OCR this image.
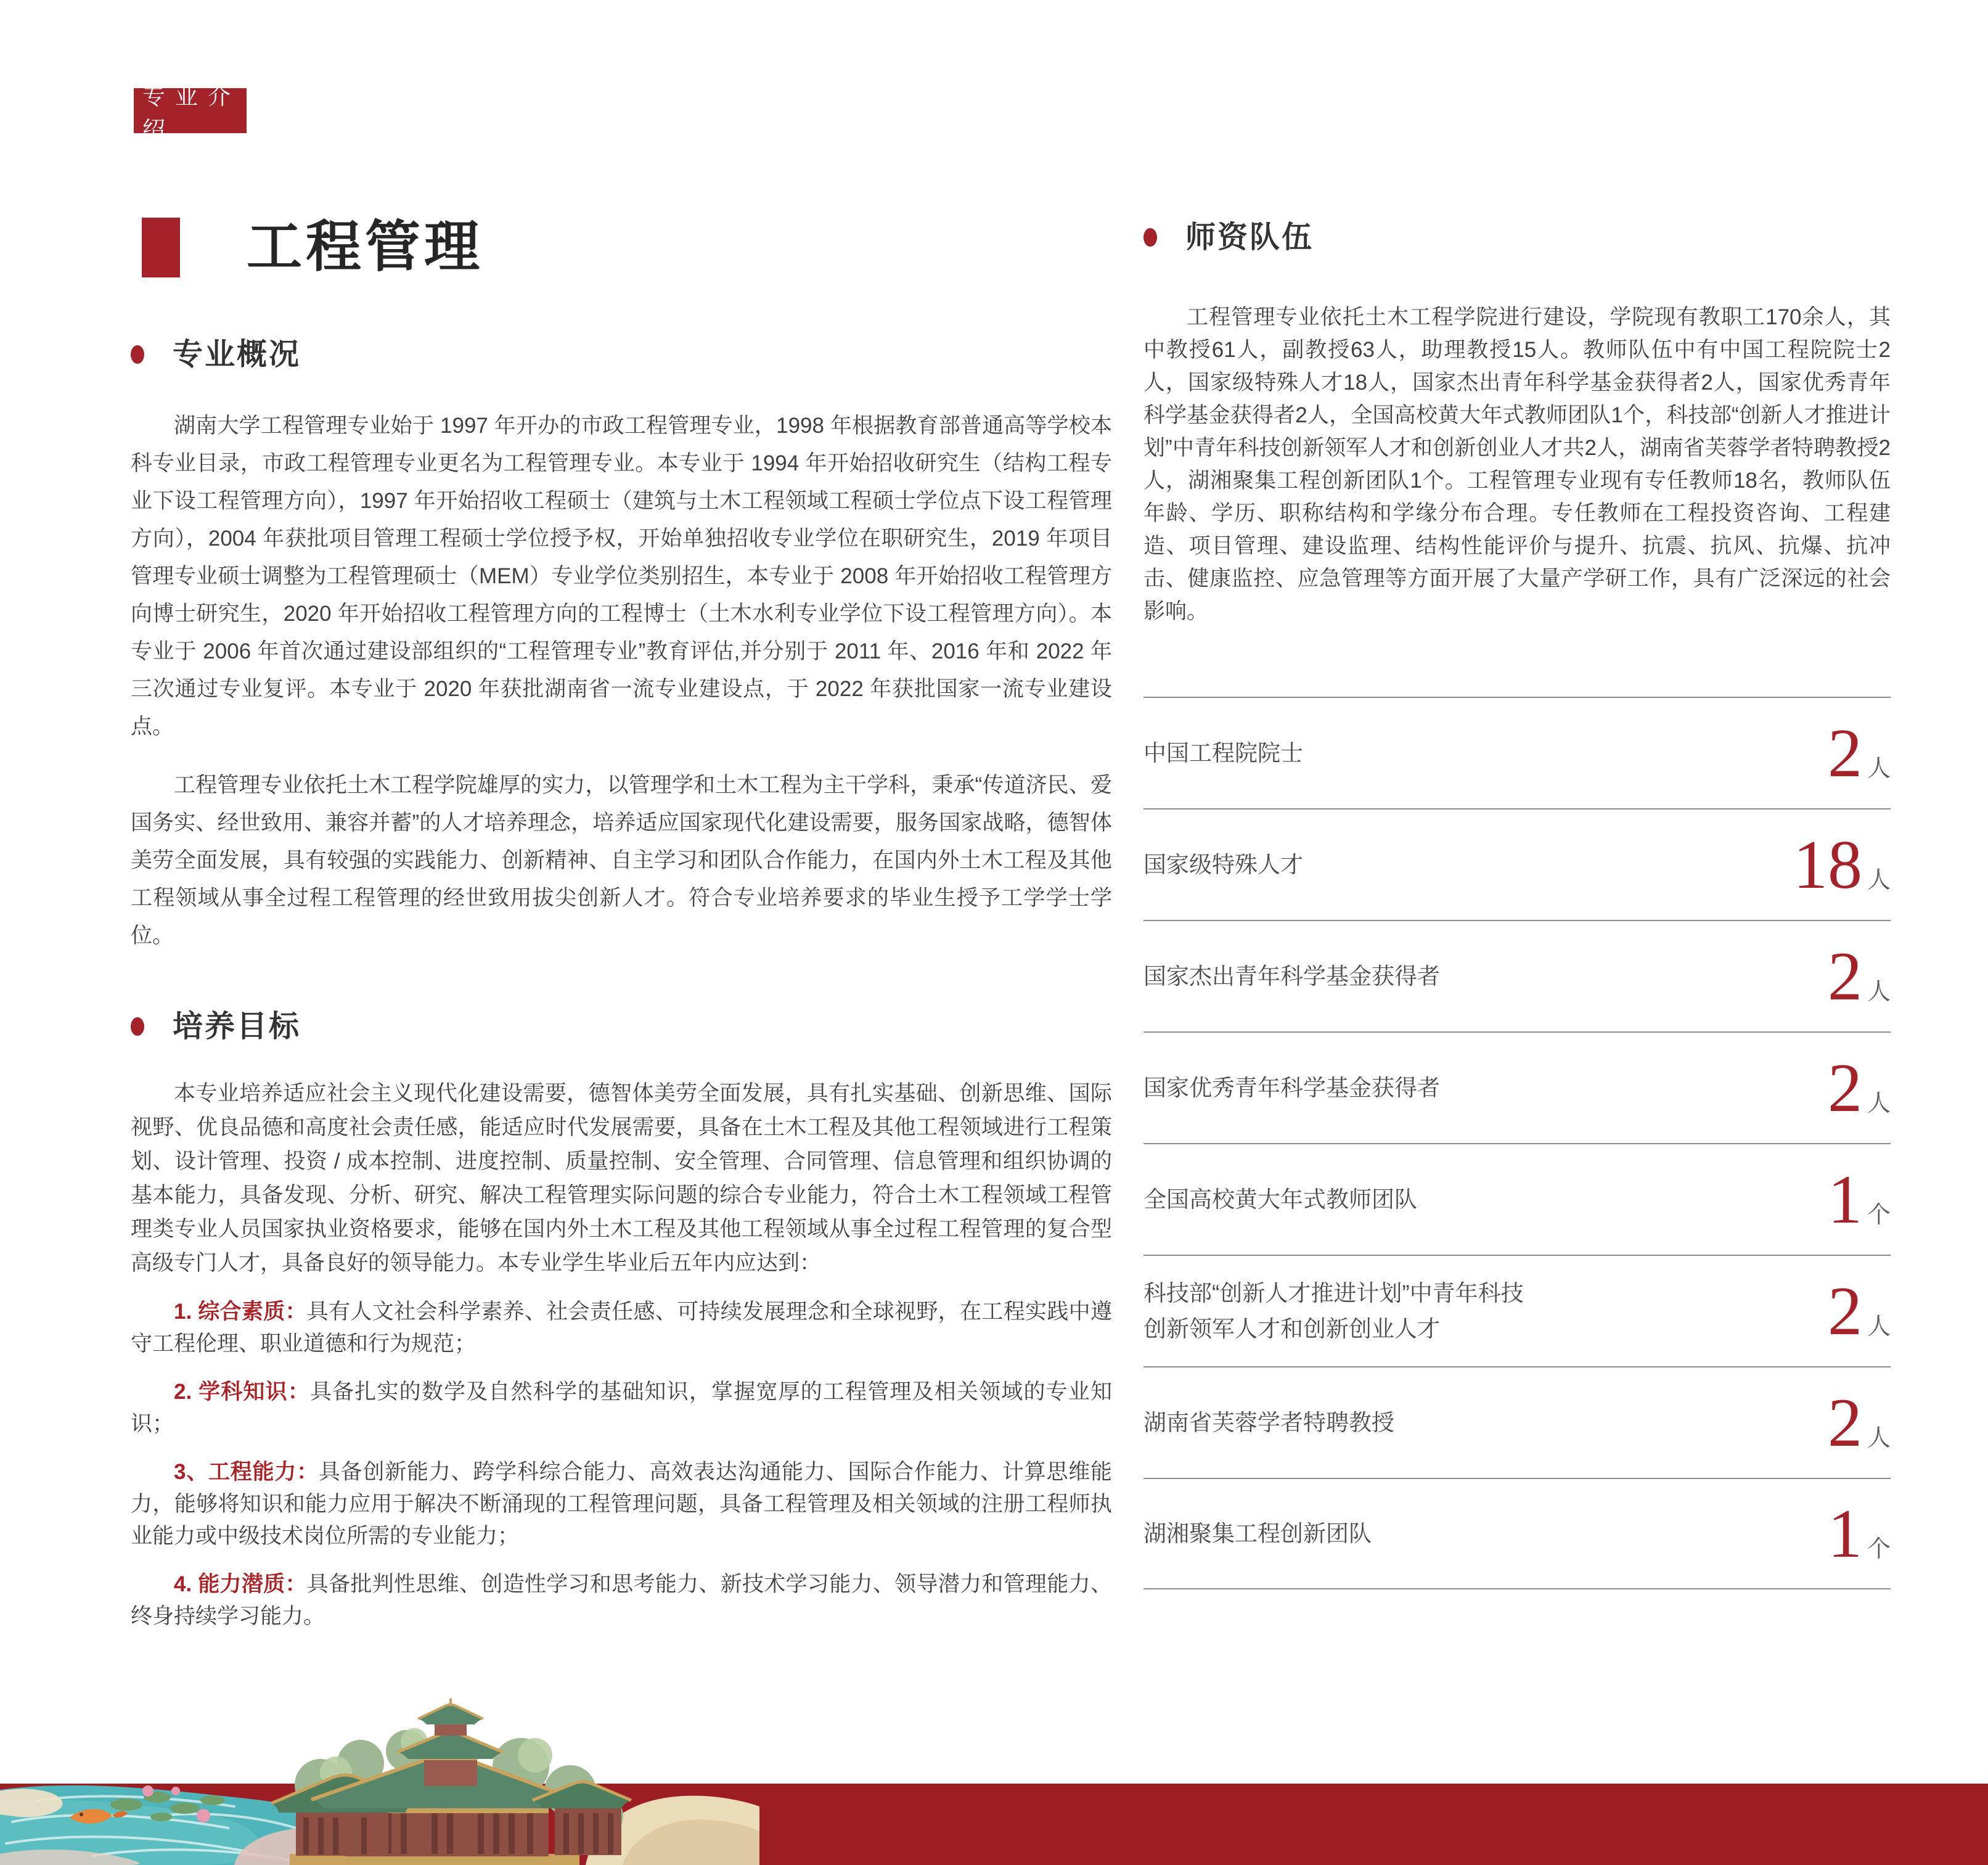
专业介绍
工程管理
专业概况

湖南大学工程管理专业始于 1997 年开办的市政工程管理专业，1998 年根据教育部普通高等学校本科专业目录，市政工程管理专业更名为工程管理专业。本专业于 1994 年开始招收研究生（结构工程专业下设工程管理方向），1997 年开始招收工程硕士（建筑与土木工程领域工程硕士学位点下设工程管理方向），2004 年获批项目管理工程硕士学位授予权，开始单独招收专业学位在职研究生，2019 年项目管理专业硕士调整为工程管理硕士（MEM）专业学位类别招生，本专业于 2008 年开始招收工程管理方向博士研究生，2020 年开始招收工程管理方向的工程博士（土木水利专业学位下设工程管理方向）。本专业于 2006 年首次通过建设部组织的“工程管理专业”教育评估,并分别于 2011 年、2016 年和 2022 年三次通过专业复评。本专业于 2020 年获批湖南省一流专业建设点，于 2022 年获批国家一流专业建设点。

工程管理专业依托土木工程学院雄厚的实力，以管理学和土木工程为主干学科，秉承“传道济民、爱国务实、经世致用、兼容并蓄”的人才培养理念，培养适应国家现代化建设需要，服务国家战略，德智体美劳全面发展，具有较强的实践能力、创新精神、自主学习和团队合作能力，在国内外土木工程及其他工程领域从事全过程工程管理的经世致用拔尖创新人才。符合专业培养要求的毕业生授予工学学士学位。

培养目标

本专业培养适应社会主义现代化建设需要，德智体美劳全面发展，具有扎实基础、创新思维、国际视野、优良品德和高度社会责任感，能适应时代发展需要，具备在土木工程及其他工程领域进行工程策划、设计管理、投资 / 成本控制、进度控制、质量控制、安全管理、合同管理、信息管理和组织协调的基本能力，具备发现、分析、研究、解决工程管理实际问题的综合专业能力，符合土木工程领域工程管理类专业人员国家执业资格要求，能够在国内外土木工程及其他工程领域从事全过程工程管理的复合型高级专门人才，具备良好的领导能力。本专业学生毕业后五年内应达到：

1. 综合素质：具有人文社会科学素养、社会责任感、可持续发展理念和全球视野，在工程实践中遵守工程伦理、职业道德和行为规范；

2. 学科知识：具备扎实的数学及自然科学的基础知识，掌握宽厚的工程管理及相关领域的专业知识；

3、工程能力：具备创新能力、跨学科综合能力、高效表达沟通能力、国际合作能力、计算思维能力，能够将知识和能力应用于解决不断涌现的工程管理问题，具备工程管理及相关领域的注册工程师执业能力或中级技术岗位所需的专业能力；

4. 能力潜质：具备批判性思维、创造性学习和思考能力、新技术学习能力、领导潜力和管理能力、终身持续学习能力。

师资队伍

工程管理专业依托土木工程学院进行建设，学院现有教职工170余人，其中教授61人，副教授63人，助理教授15人。教师队伍中有中国工程院院士2人，国家级特殊人才18人，国家杰出青年科学基金获得者2人，国家优秀青年科学基金获得者2人，全国高校黄大年式教师团队1个，科技部“创新人才推进计划”中青年科技创新领军人才和创新创业人才共2人，湖南省芙蓉学者特聘教授2人，湖湘聚集工程创新团队1个。工程管理专业现有专任教师18名，教师队伍年龄、学历、职称结构和学缘分布合理。专任教师在工程投资咨询、工程建造、项目管理、建设监理、结构性能评价与提升、抗震、抗风、抗爆、抗冲击、健康监控、应急管理等方面开展了大量产学研工作，具有广泛深远的社会影响。

中国工程院院士	2 人
国家级特殊人才	18 人
国家杰出青年科学基金获得者	2 人
国家优秀青年科学基金获得者	2 人
全国高校黄大年式教师团队	1 个
科技部“创新人才推进计划”中青年科技
创新领军人才和创新创业人才	2 人
湖南省芙蓉学者特聘教授	2 人
湖湘聚集工程创新团队	1 个
